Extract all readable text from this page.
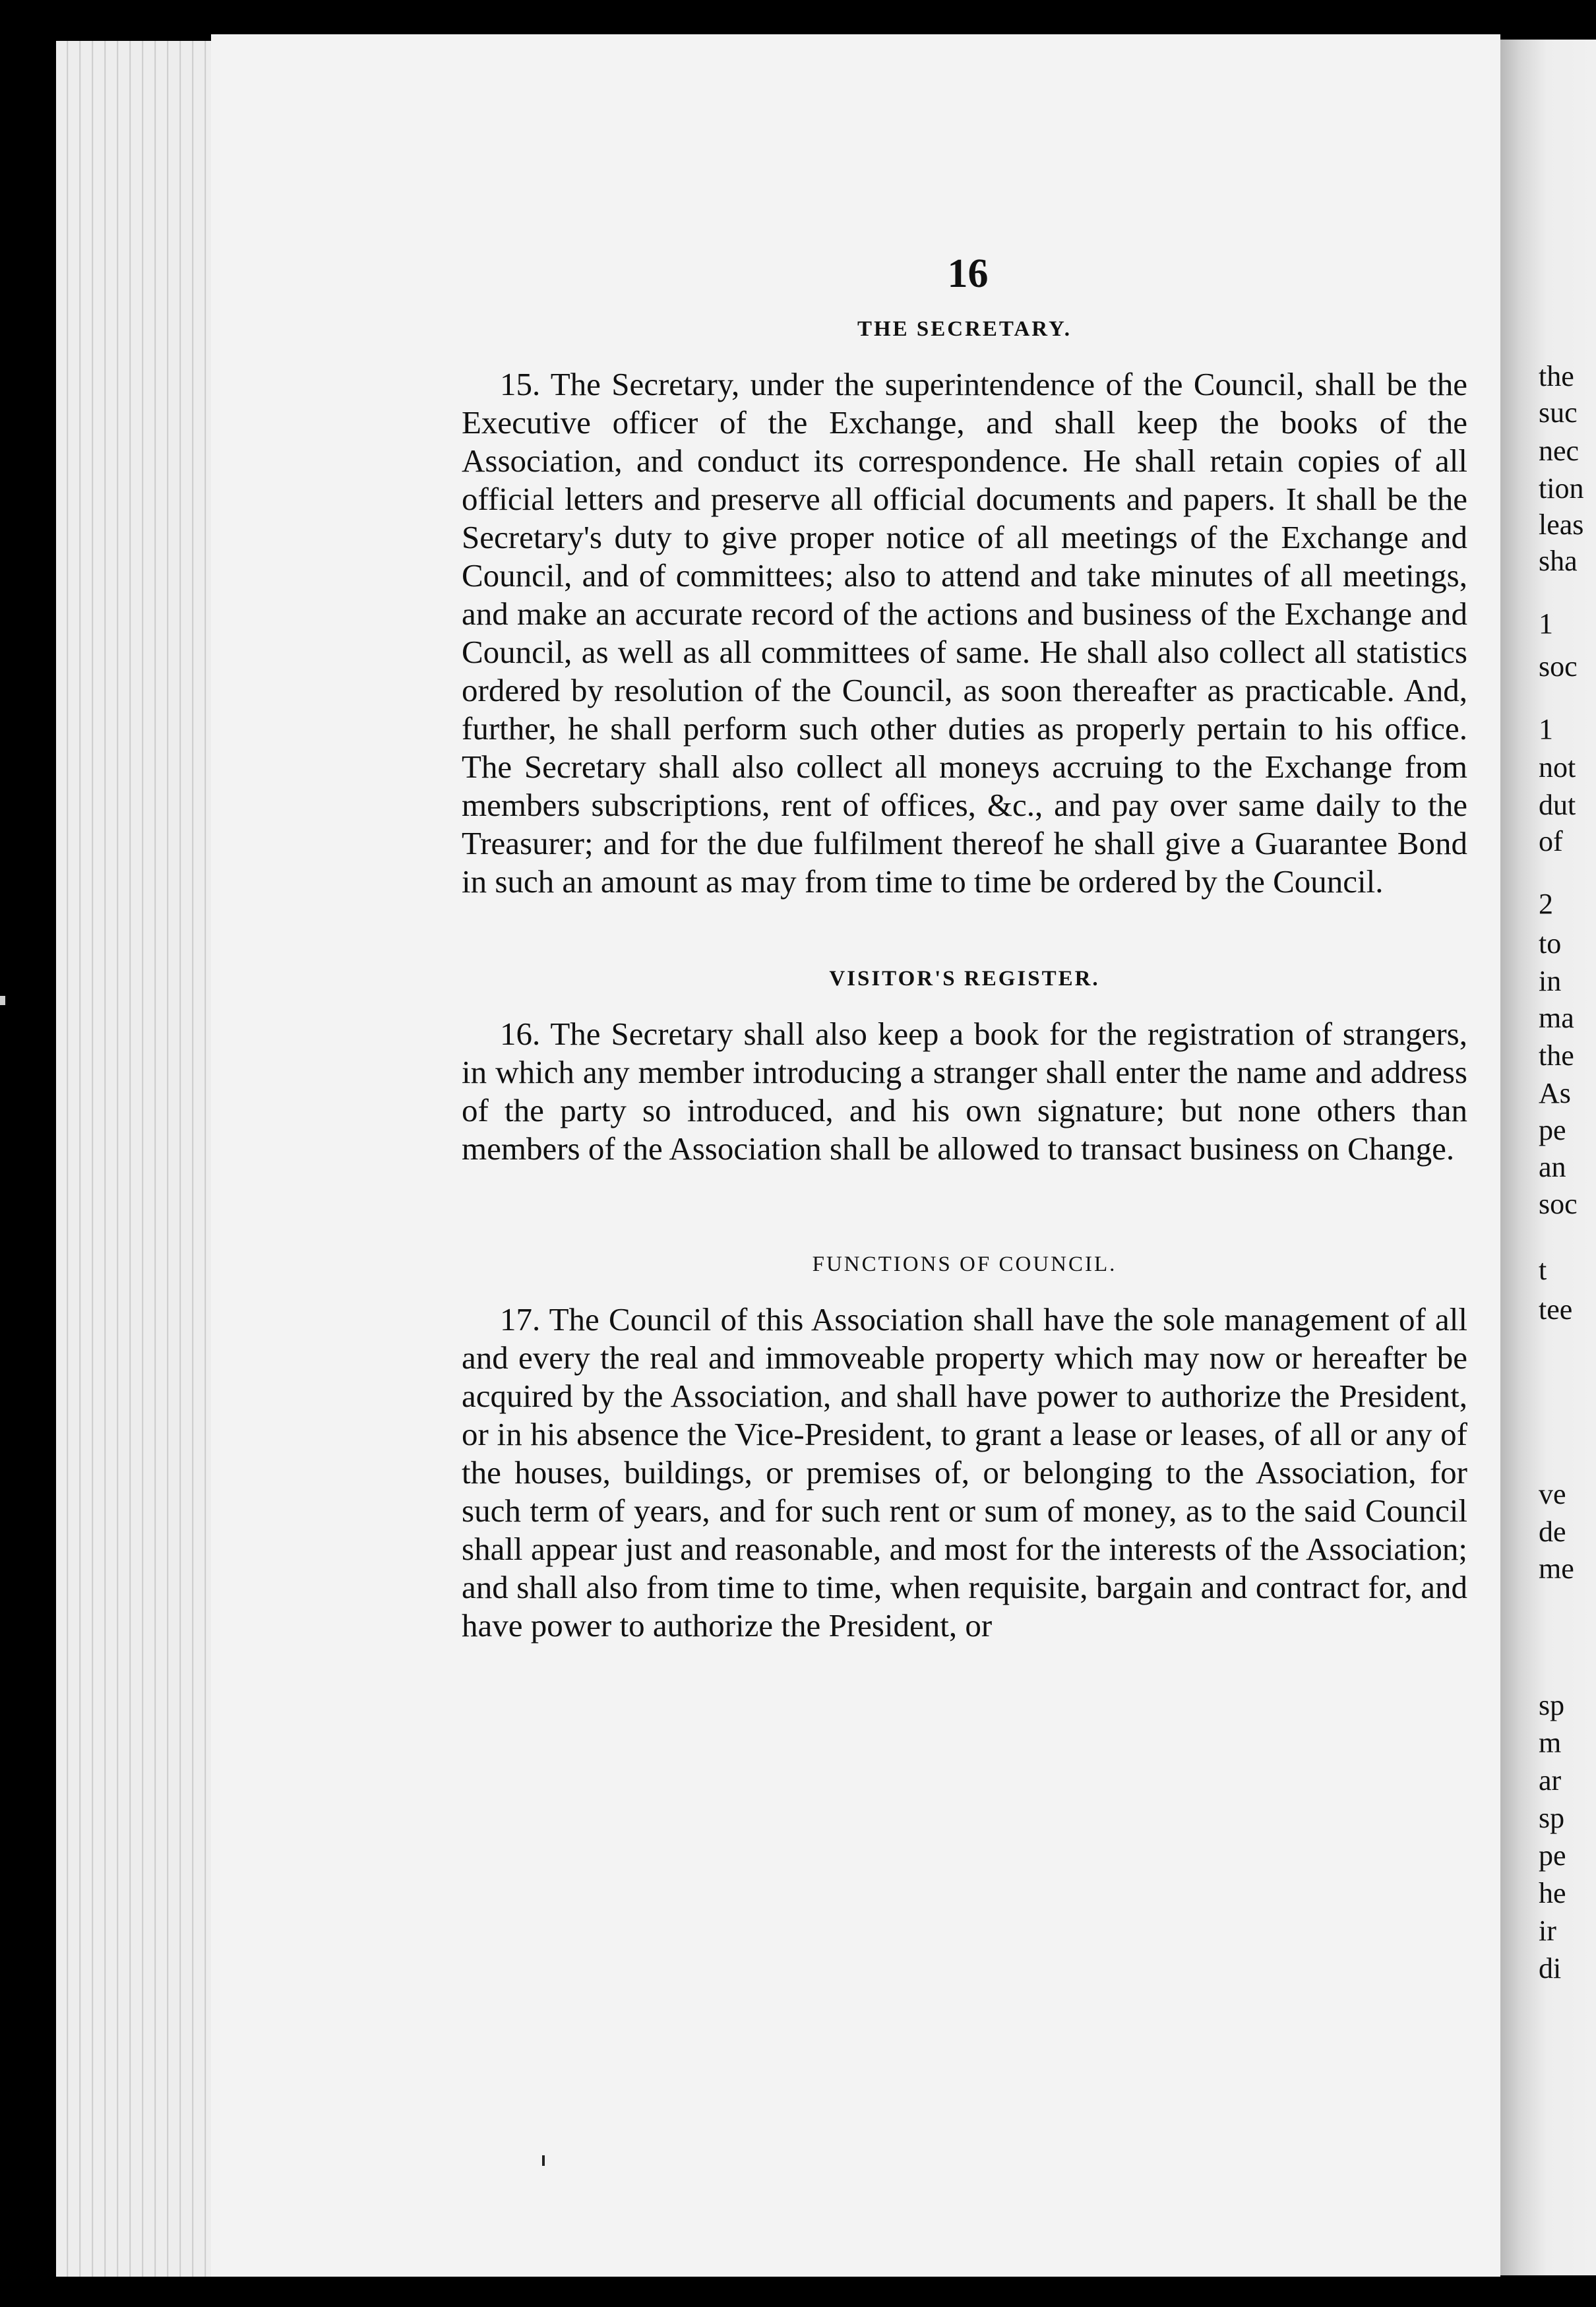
the
suc
nec
tion
leas
sha
1
soc
1
not
dut
of
2
to
in
ma
the
As
pe
an
soc
t
tee
ve
de
me
sp
m
ar
sp
pe
he
ir
di
16
THE SECRETARY.

15. The Secretary, under the superintendence of the Council, shall be the Executive officer of the Exchange, and shall keep the books of the Association, and conduct its correspondence. He shall retain copies of all official letters and preserve all official documents and papers. It shall be the Secretary's duty to give proper notice of all meetings of the Exchange and Council, and of committees; also to attend and take minutes of all meetings, and make an accurate record of the actions and business of the Exchange and Council, as well as all committees of same. He shall also collect all statistics ordered by resolution of the Council, as soon thereafter as practicable. And, further, he shall perform such other duties as properly pertain to his office. The Secretary shall also collect all moneys accruing to the Exchange from members subscriptions, rent of offices, &c., and pay over same daily to the Treasurer; and for the due fulfilment thereof he shall give a Guarantee Bond in such an amount as may from time to time be ordered by the Council.

VISITOR'S REGISTER.

16. The Secretary shall also keep a book for the registration of strangers, in which any member introducing a stranger shall enter the name and address of the party so introduced, and his own signature; but none others than members of the Association shall be allowed to transact business on Change.

FUNCTIONS OF COUNCIL.

17. The Council of this Association shall have the sole management of all and every the real and immoveable property which may now or hereafter be acquired by the Association, and shall have power to authorize the President, or in his absence the Vice-President, to grant a lease or leases, of all or any of the houses, buildings, or premises of, or belonging to the Association, for such term of years, and for such rent or sum of money, as to the said Council shall appear just and reasonable, and most for the interests of the Association; and shall also from time to time, when requisite, bargain and contract for, and have power to authorize the President, or
